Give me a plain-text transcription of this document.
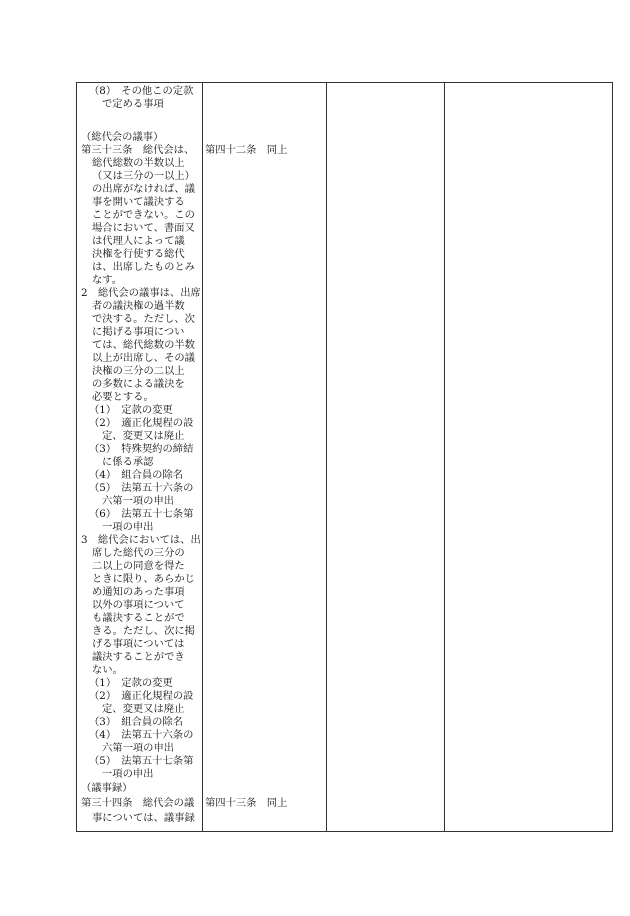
（8）　その他この定款
で定める事項
（総代会の議事）
第三十三条　総代会は、
総代総数の半数以上
（又は三分の一以上）
の出席がなければ、議
事を開いて議決する
ことができない。この
場合において、書面又
は代理人によって議
決権を行使する総代
は、出席したものとみ
なす。
2　総代会の議事は、出席
者の議決権の過半数
で決する。ただし、次
に掲げる事項につい
ては、総代総数の半数
以上が出席し、その議
決権の三分の二以上
の多数による議決を
必要とする。
（1）　定款の変更
（2）　適正化規程の設
定、変更又は廃止
（3）　特殊契約の締結
に係る承認
（4）　組合員の除名
（5）　法第五十六条の
六第一項の申出
（6）　法第五十七条第
一項の申出
3　総代会においては、出
席した総代の三分の
二以上の同意を得た
ときに限り、あらかじ
め通知のあった事項
以外の事項について
も議決することがで
きる。ただし、次に掲
げる事項については
議決することができ
ない。
（1）　定款の変更
（2）　適正化規程の設
定、変更又は廃止
（3）　組合員の除名
（4）　法第五十六条の
六第一項の申出
（5）　法第五十七条第
一項の申出
（議事録）
第三十四条　総代会の議
事については、議事録
第四十二条　同上
第四十三条　同上
